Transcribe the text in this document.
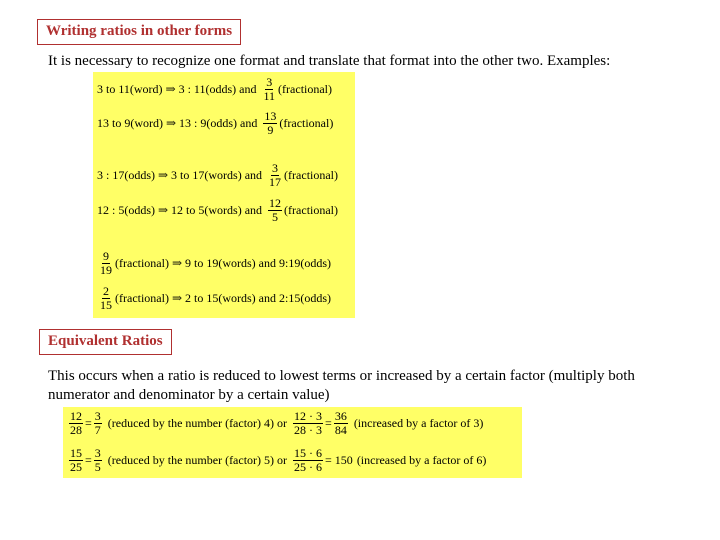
Writing ratios in other forms
It is necessary to recognize one format and translate that format into the other two. Examples:
3 to 11(word) ⇒ 3 : 11(odds) and $\frac{3}{11}$ (fractional)
13 to 9(word) ⇒ 13 : 9(odds) and $\frac{13}{9}$ (fractional)
3 : 17(odds) ⇒ 3 to 17(words) and $\frac{3}{17}$ (fractional)
12 : 5(odds) ⇒ 12 to 5(words) and $\frac{12}{5}$ (fractional)
$\frac{9}{19}$ (fractional) ⇒ 9 to 19(words) and 9:19(odds)
$\frac{2}{15}$ (fractional) ⇒ 2 to 15(words) and 2:15(odds)
Equivalent Ratios
This occurs when a ratio is reduced to lowest terms or increased by a certain factor (multiply both
numerator and denominator by a certain value)
$\frac{12}{28} = \frac{3}{7}$ (reduced by the number (factor) 4) or $\frac{12 \cdot 3}{28 \cdot 3} = \frac{36}{84}$ (increased by a factor of 3)
$\frac{15}{25} = \frac{3}{5}$ (reduced by the number (factor) 5) or $\frac{15 \cdot 6}{25 \cdot 6} = 150$ (increased by a factor of 6)
